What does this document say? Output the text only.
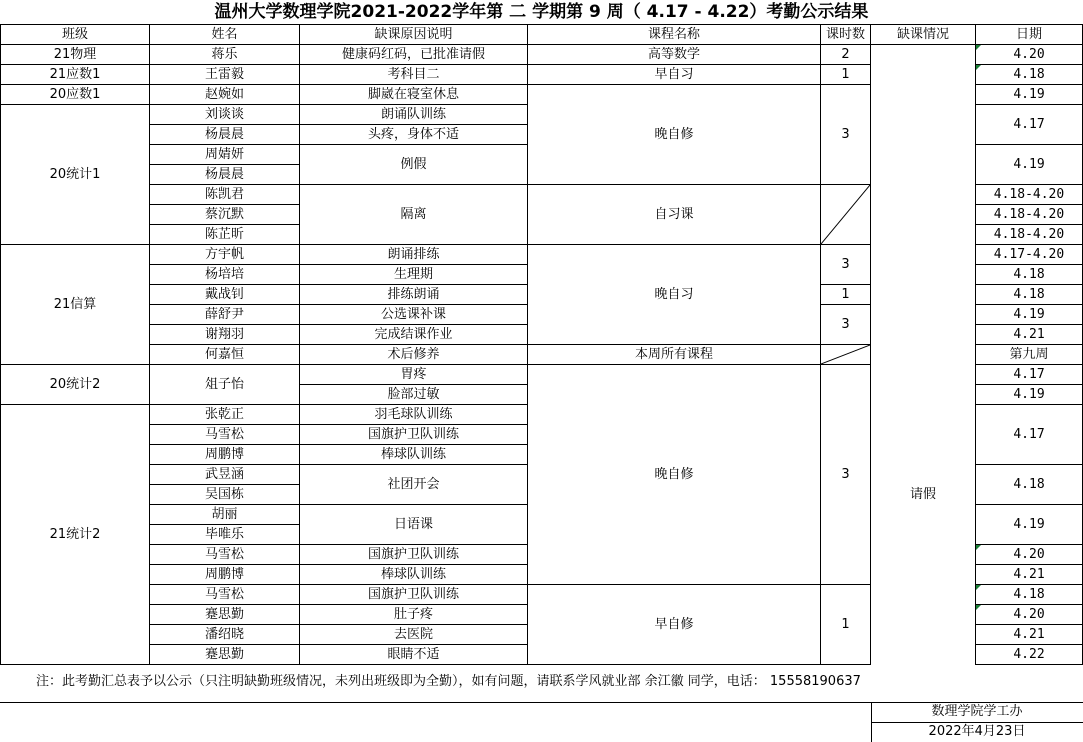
温州大学数理学院2021-2022学年第 二 学期第 9 周（ 4.17 - 4.22）考勤公示结果
班级	姓名	缺课原因说明	课程名称	课时数	缺课情况	日期
21物理	蒋乐	健康码红码，已批准请假	高等数学	2	请假	4.20
21应数1	王雷毅	考科目二	早自习	1		4.18
20应数1	赵婉如	脚崴在寝室休息	晚自修	3		4.19
20统计1	刘谈谈	朗诵队训练				4.17
	杨晨晨	头疼，身体不适				
	周婧妍	例假				4.19
	杨晨晨					
	陈凯君	隔离	自习课			4.18-4.20
	蔡沉默					4.18-4.20
	陈芷昕					4.18-4.20
21信算	方宇帆	朗诵排练	晚自习	3		4.17-4.20
	杨培培	生理期				4.18
	戴战钊	排练朗诵		1		4.18
	薛舒尹	公选课补课		3		4.19
	谢翔羽	完成结课作业				4.21
	何嘉恒	术后修养	本周所有课程			第九周
20统计2	俎子怡	胃疼	晚自修	3		4.17
		脸部过敏				4.19
21统计2	张乾正	羽毛球队训练				4.17
	马雪松	国旗护卫队训练				
	周鹏博	棒球队训练				
	武昱涵	社团开会				4.18
	吴国栋					
	胡丽	日语课				4.19
	毕唯乐					
	马雪松	国旗护卫队训练				4.20
	周鹏博	棒球队训练				4.21
	马雪松	国旗护卫队训练	早自修	1		4.18
	蹇思勤	肚子疼				4.20
	潘绍晓	去医院				4.21
	蹇思勤	眼睛不适				4.22
注：此考勤汇总表予以公示（只注明缺勤班级情况，未列出班级即为全勤），如有问题，请联系学风就业部 余江徽 同学，电话： 15558190637
数理学院学工办
2022年4月23日
